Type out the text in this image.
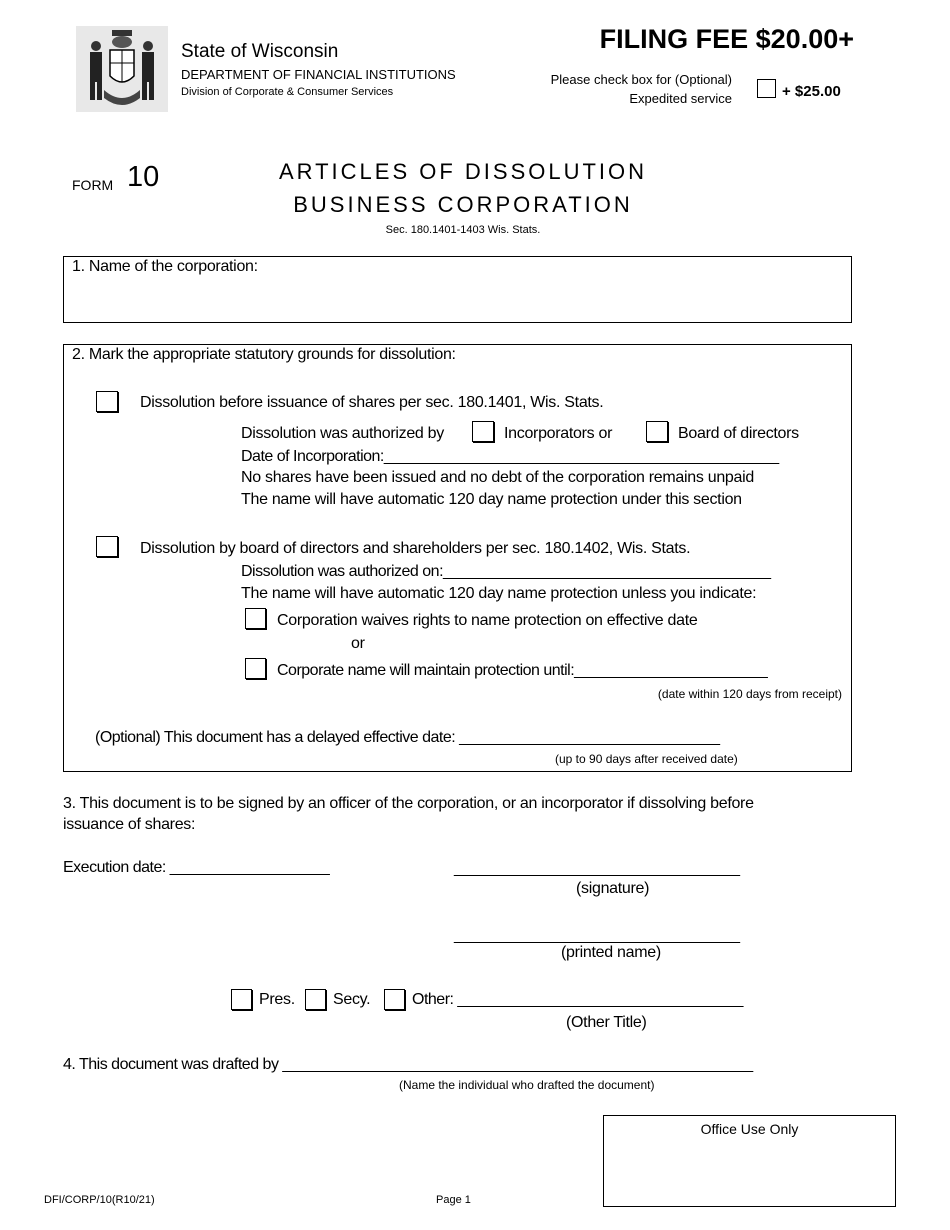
State of Wisconsin
DEPARTMENT OF FINANCIAL INSTITUTIONS
Division of Corporate & Consumer Services
FILING FEE $20.00+
Please check box for (Optional)
Expedited service	+ $25.00
FORM 10	ARTICLES OF DISSOLUTION
BUSINESS CORPORATION
Sec. 180.1401-1403 Wis. Stats.
1. Name of the corporation:
2. Mark the appropriate statutory grounds for dissolution:
Dissolution before issuance of shares per sec. 180.1401, Wis. Stats.
Dissolution was authorized by	Incorporators or	Board of directors
Date of Incorporation:_______________________________________________
No shares have been issued and no debt of the corporation remains unpaid
The name will have automatic 120 day name protection under this section
Dissolution by board of directors and shareholders per sec. 180.1402, Wis. Stats.
Dissolution was authorized on:_______________________________________
The name will have automatic 120 day name protection unless you indicate:
Corporation waives rights to name protection on effective date
or
Corporate name will maintain protection until:_______________________
(date within 120 days from receipt)
(Optional) This document has a delayed effective date: _______________________________
(up to 90 days after received date)
3. This document is to be signed by an officer of the corporation, or an incorporator if dissolving before
issuance of shares:
Execution date: ___________________	__________________________________
(signature)
__________________________________
(printed name)
Pres. Secy.	Other: __________________________________
(Other Title)
4. This document was drafted by ________________________________________________________
(Name the individual who drafted the document)
Office Use Only
DFI/CORP/10(R10/21)	Page 1
